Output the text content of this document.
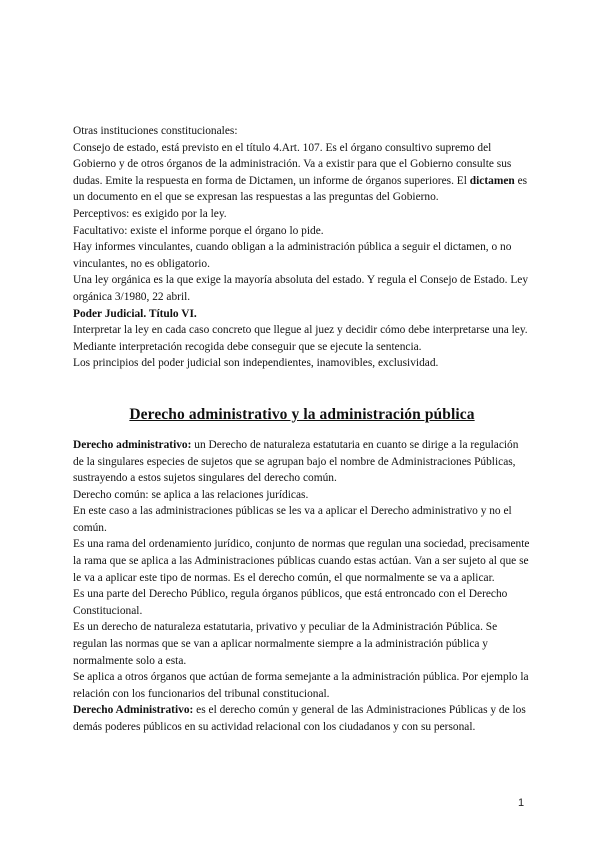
Otras instituciones constitucionales:

Consejo de estado, está previsto en el título 4.Art. 107. Es el órgano consultivo supremo del Gobierno y de otros órganos de la administración. Va a existir para que el Gobierno consulte sus dudas. Emite la respuesta en forma de Dictamen, un informe de órganos superiores. El dictamen es un documento en el que se expresan las respuestas a las preguntas del Gobierno.

Perceptivos: es exigido por la ley.

Facultativo: existe el informe porque el órgano lo pide.

Hay informes vinculantes, cuando obligan a la administración pública a seguir el dictamen, o no vinculantes, no es obligatorio.

Una ley orgánica es la que exige la mayoría absoluta del estado. Y regula el Consejo de Estado. Ley orgánica 3/1980, 22 abril.

Poder Judicial. Título VI.

Interpretar la ley en cada caso concreto que llegue al juez y decidir cómo debe interpretarse una ley. Mediante interpretación recogida debe conseguir que se ejecute la sentencia.

Los principios del poder judicial son independientes, inamovibles, exclusividad.

Derecho administrativo y la administración pública

Derecho administrativo: un Derecho de naturaleza estatutaria en cuanto se dirige a la regulación de la singulares especies de sujetos que se agrupan bajo el nombre de Administraciones Públicas, sustrayendo a estos sujetos singulares del derecho común.

Derecho común: se aplica a las relaciones jurídicas.

En este caso a las administraciones públicas se les va a aplicar el Derecho administrativo y no el común.

Es una rama del ordenamiento jurídico, conjunto de normas que regulan una sociedad, precisamente la rama que se aplica a las Administraciones públicas cuando estas actúan. Van a ser sujeto al que se le va a aplicar este tipo de normas. Es el derecho común, el que normalmente se va a aplicar.

Es una parte del Derecho Público, regula órganos públicos, que está entroncado con el Derecho Constitucional.

Es un derecho de naturaleza estatutaria, privativo y peculiar de la Administración Pública. Se regulan las normas que se van a aplicar normalmente siempre a la administración pública y normalmente solo a esta.

Se aplica a otros órganos que actúan de forma semejante a la administración pública. Por ejemplo la relación con los funcionarios del tribunal constitucional.

Derecho Administrativo: es el derecho común y general de las Administraciones Públicas y de los demás poderes públicos en su actividad relacional con los ciudadanos y con su personal.

1
